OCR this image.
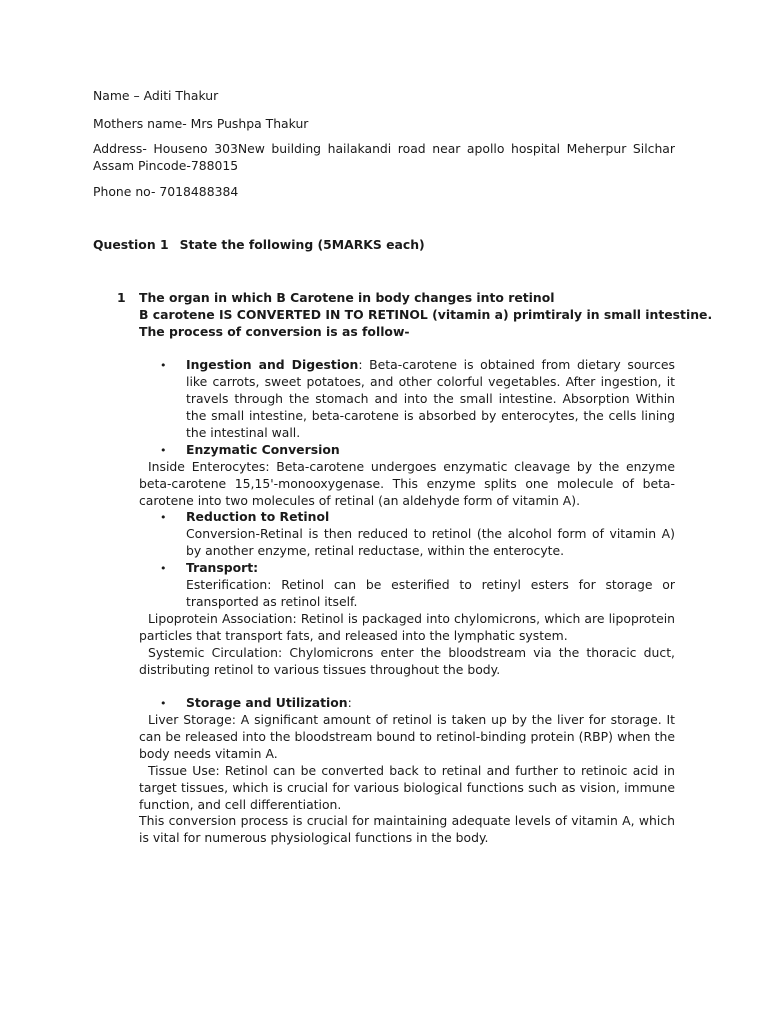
Name – Aditi Thakur

Mothers name- Mrs Pushpa Thakur

Address- Houseno 303New building hailakandi road near apollo hospital Meherpur Silchar Assam Pincode-788015

Phone no- 7018488384

Question 1 State the following (5MARKS each)

1 The organ in which B Carotene in body changes into retinol
B carotene IS CONVERTED IN TO RETINOL (vitamin a) primtiraly in small intestine.
The process of conversion is as follow-
• Ingestion and Digestion: Beta-carotene is obtained from dietary sources like carrots, sweet potatoes, and other colorful vegetables. After ingestion, it travels through the stomach and into the small intestine. Absorption Within the small intestine, beta-carotene is absorbed by enterocytes, the cells lining the intestinal wall.

• Enzymatic Conversion

Inside Enterocytes: Beta-carotene undergoes enzymatic cleavage by the enzyme beta-carotene 15,15'-monooxygenase. This enzyme splits one molecule of beta-carotene into two molecules of retinal (an aldehyde form of vitamin A).

• Reduction to Retinol

Conversion-Retinal is then reduced to retinol (the alcohol form of vitamin A) by another enzyme, retinal reductase, within the enterocyte.

• Transport:

Esterification: Retinol can be esterified to retinyl esters for storage or transported as retinol itself.

Lipoprotein Association: Retinol is packaged into chylomicrons, which are lipoprotein particles that transport fats, and released into the lymphatic system.

Systemic Circulation: Chylomicrons enter the bloodstream via the thoracic duct, distributing retinol to various tissues throughout the body.

• Storage and Utilization:

Liver Storage: A significant amount of retinol is taken up by the liver for storage. It can be released into the bloodstream bound to retinol-binding protein (RBP) when the body needs vitamin A.

Tissue Use: Retinol can be converted back to retinal and further to retinoic acid in target tissues, which is crucial for various biological functions such as vision, immune function, and cell differentiation.

This conversion process is crucial for maintaining adequate levels of vitamin A, which is vital for numerous physiological functions in the body.
